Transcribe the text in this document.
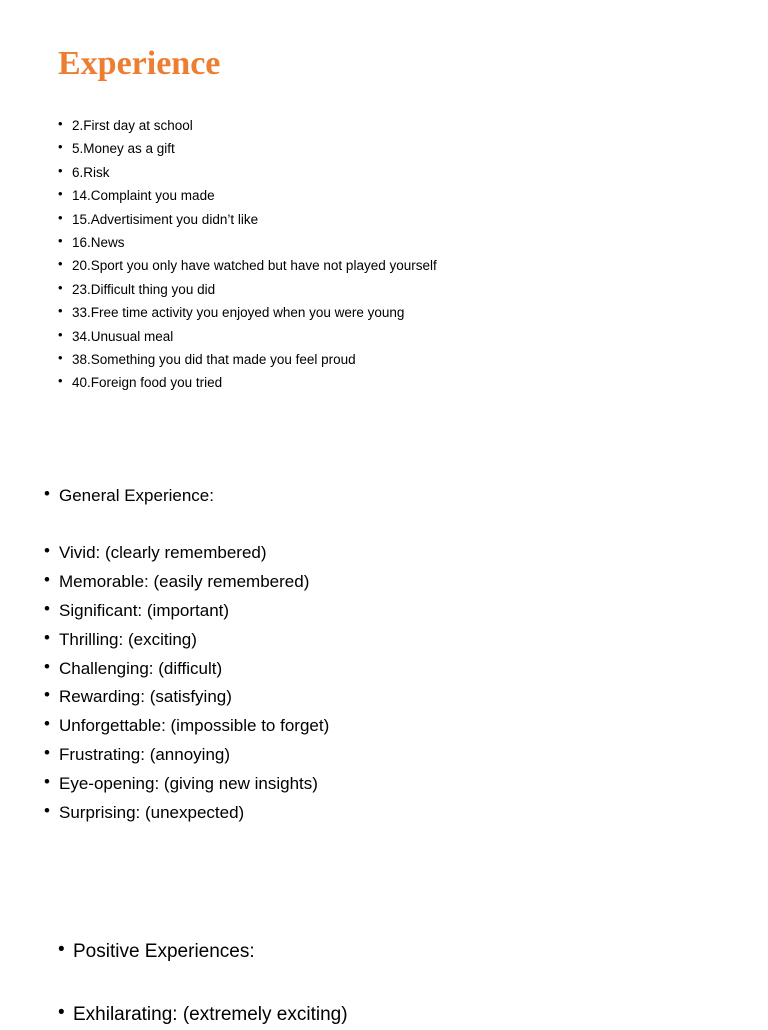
Experience
• 2.First day at school
• 5.Money as a gift
• 6.Risk
• 14.Complaint you made
• 15.Advertisiment you didn’t like
• 16.News
• 20.Sport you only have watched but have not played yourself
• 23.Difficult thing you did
• 33.Free time activity you enjoyed when you were young
• 34.Unusual meal
• 38.Something you did that made you feel proud
• 40.Foreign food you tried
• General Experience:
• Vivid: (clearly remembered)
• Memorable: (easily remembered)
• Significant: (important)
• Thrilling: (exciting)
• Challenging: (difficult)
• Rewarding: (satisfying)
• Unforgettable: (impossible to forget)
• Frustrating: (annoying)
• Eye-opening: (giving new insights)
• Surprising: (unexpected)
• Positive Experiences:
• Exhilarating: (extremely exciting)
